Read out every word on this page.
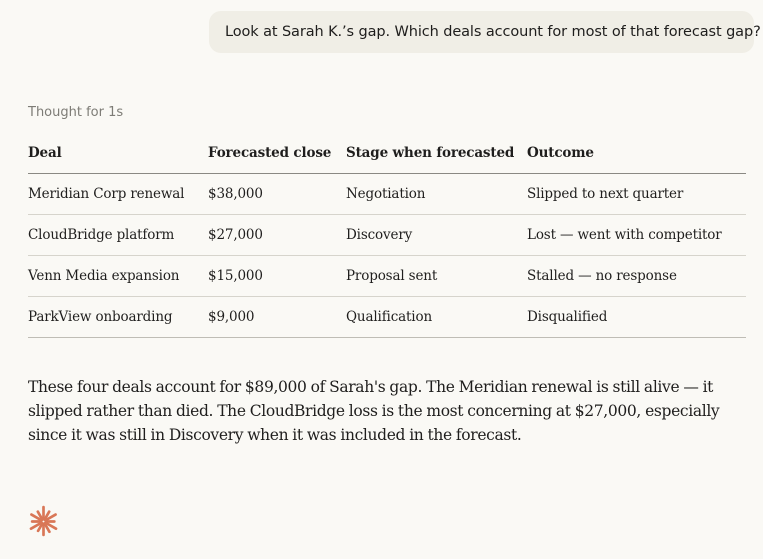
Look at Sarah K.’s gap. Which deals account for most of that forecast gap?
Thought for 1s
Deal	Forecasted close	Stage when forecasted	Outcome
Meridian Corp renewal	$38,000	Negotiation	Slipped to next quarter
CloudBridge platform	$27,000	Discovery	Lost — went with competitor
Venn Media expansion	$15,000	Proposal sent	Stalled — no response
ParkView onboarding	$9,000	Qualification	Disqualified

These four deals account for $89,000 of Sarah's gap. The Meridian renewal is still alive — it slipped rather than died. The CloudBridge loss is the most concerning at $27,000, especially since it was still in Discovery when it was included in the forecast.
